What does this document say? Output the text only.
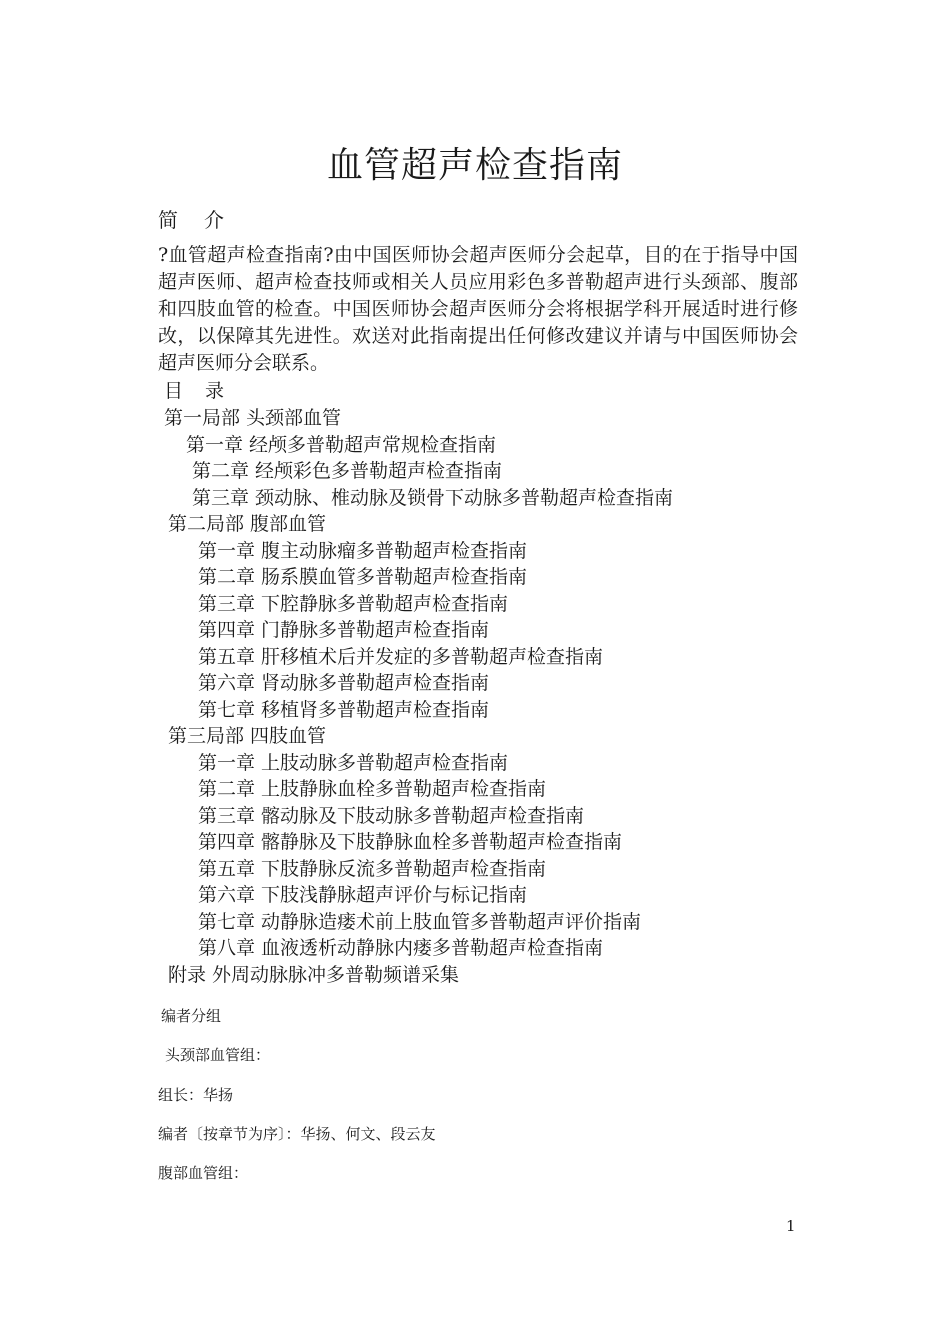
血管超声检查指南
简 介
?血管超声检查指南?由中国医师协会超声医师分会起草，目的在于指导中国超声医师、超声检查技师或相关人员应用彩色多普勒超声进行头颈部、腹部和四肢血管的检查。中国医师协会超声医师分会将根据学科开展适时进行修改，以保障其先进性。欢送对此指南提出任何修改建议并请与中国医师协会超声医师分会联系。
目 录
第一局部 头颈部血管
第一章 经颅多普勒超声常规检查指南
第二章 经颅彩色多普勒超声检查指南
第三章 颈动脉、椎动脉及锁骨下动脉多普勒超声检查指南
第二局部 腹部血管
第一章 腹主动脉瘤多普勒超声检查指南
第二章 肠系膜血管多普勒超声检查指南
第三章 下腔静脉多普勒超声检查指南
第四章 门静脉多普勒超声检查指南
第五章 肝移植术后并发症的多普勒超声检查指南
第六章 肾动脉多普勒超声检查指南
第七章 移植肾多普勒超声检查指南
第三局部 四肢血管
第一章 上肢动脉多普勒超声检查指南
第二章 上肢静脉血栓多普勒超声检查指南
第三章 髂动脉及下肢动脉多普勒超声检查指南
第四章 髂静脉及下肢静脉血栓多普勒超声检查指南
第五章 下肢静脉反流多普勒超声检查指南
第六章 下肢浅静脉超声评价与标记指南
第七章 动静脉造瘘术前上肢血管多普勒超声评价指南
第八章 血液透析动静脉内瘘多普勒超声检查指南
附录 外周动脉脉冲多普勒频谱采集
编者分组
头颈部血管组：
组长：华扬
编者〔按章节为序〕：华扬、何文、段云友
腹部血管组：
1
